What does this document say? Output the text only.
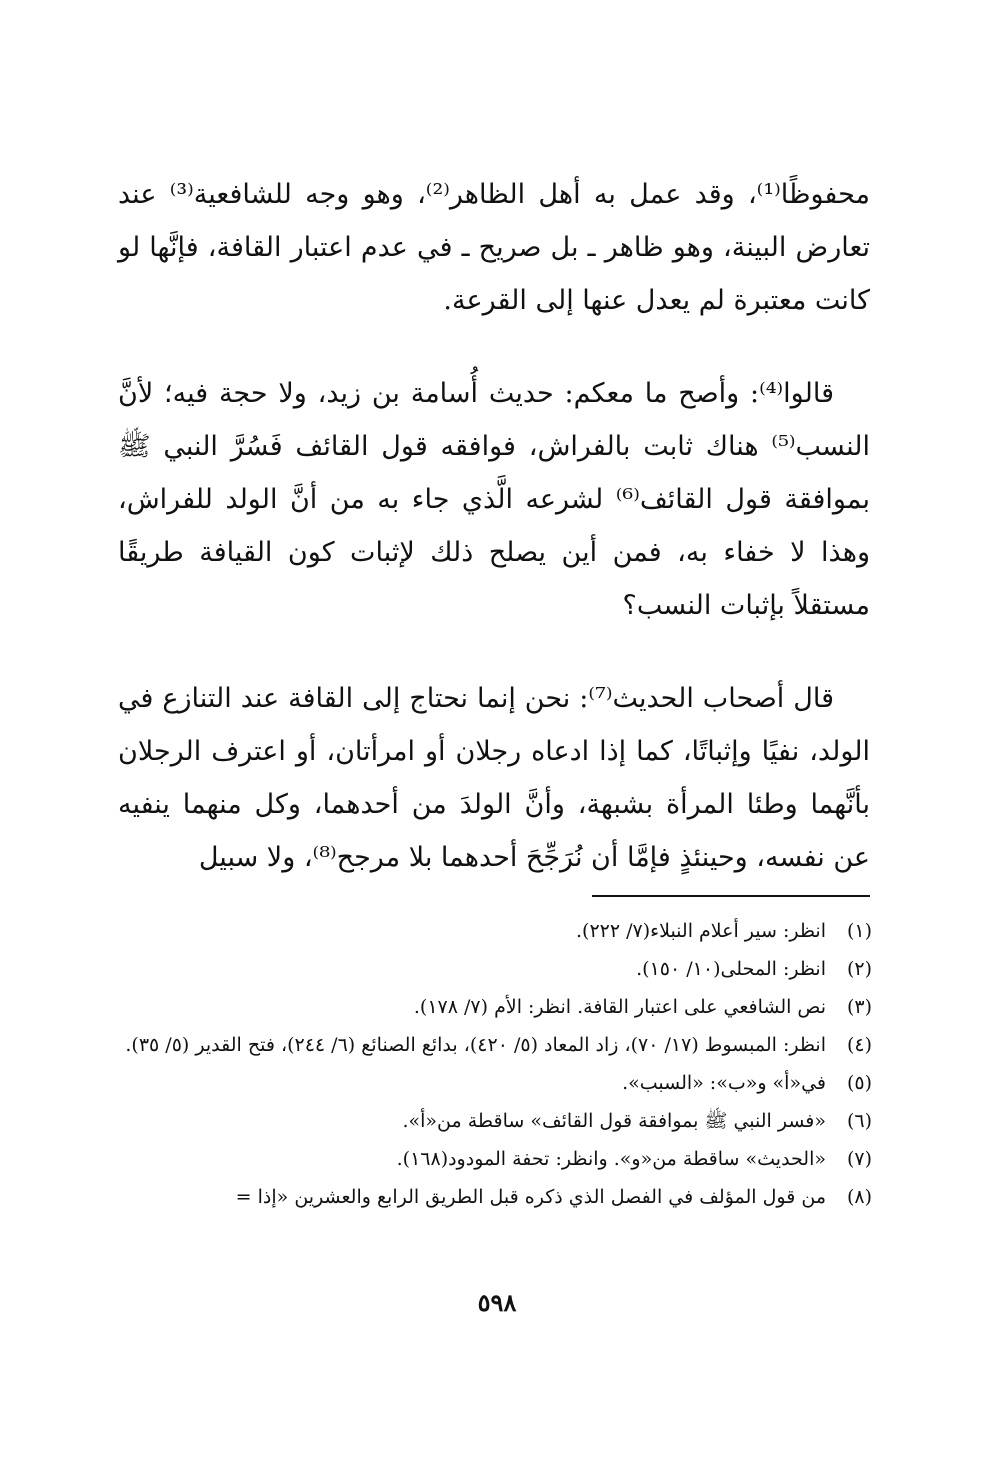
محفوظًا⁽¹⁾، وقد عمل به أهل الظاهر⁽²⁾، وهو وجه للشافعية⁽³⁾ عند تعارض البينة، وهو ظاهر ـ بل صريح ـ في عدم اعتبار القافة، فإنَّها لو كانت معتبرة لم يعدل عنها إلى القرعة.

قالوا⁽⁴⁾: وأصح ما معكم: حديث أُسامة بن زيد، ولا حجة فيه؛ لأنَّ النسب⁽⁵⁾ هناك ثابت بالفراش، فوافقه قول القائف فَسُرَّ النبي ﷺ بموافقة قول القائف⁽⁶⁾ لشرعه الَّذي جاء به من أنَّ الولد للفراش، وهذا لا خفاء به، فمن أين يصلح ذلك لإثبات كون القيافة طريقًا مستقلاً بإثبات النسب؟

قال أصحاب الحديث⁽⁷⁾: نحن إنما نحتاج إلى القافة عند التنازع في الولد، نفيًا وإثباتًا، كما إذا ادعاه رجلان أو امرأتان، أو اعترف الرجلان بأنَّهما وطئا المرأة بشبهة، وأنَّ الولدَ من أحدهما، وكل منهما ينفيه عن نفسه، وحينئذٍ فإمَّا أن نُرَجِّحَ أحدهما بلا مرجح⁽⁸⁾، ولا سبيل

(١)
انظر: سير أعلام النبلاء(٧/ ٢٢٢).
(٢)
انظر: المحلى(١٠/ ١٥٠).
(٣)
نص الشافعي على اعتبار القافة. انظر: الأم (٧/ ١٧٨).
(٤)
انظر: المبسوط (١٧/ ٧٠)، زاد المعاد (٥/ ٤٢٠)، بدائع الصنائع (٦/ ٢٤٤)، فتح القدير (٥/ ٣٥).
(٥)
في«أ» و«ب»: «السبب».
(٦)
«فسر النبي ﷺ بموافقة قول القائف» ساقطة من«أ».
(٧)
«الحديث» ساقطة من«و». وانظر: تحفة المودود(١٦٨).
(٨)
من قول المؤلف في الفصل الذي ذكره قبل الطريق الرابع والعشرين «إذا =
٥٩٨
